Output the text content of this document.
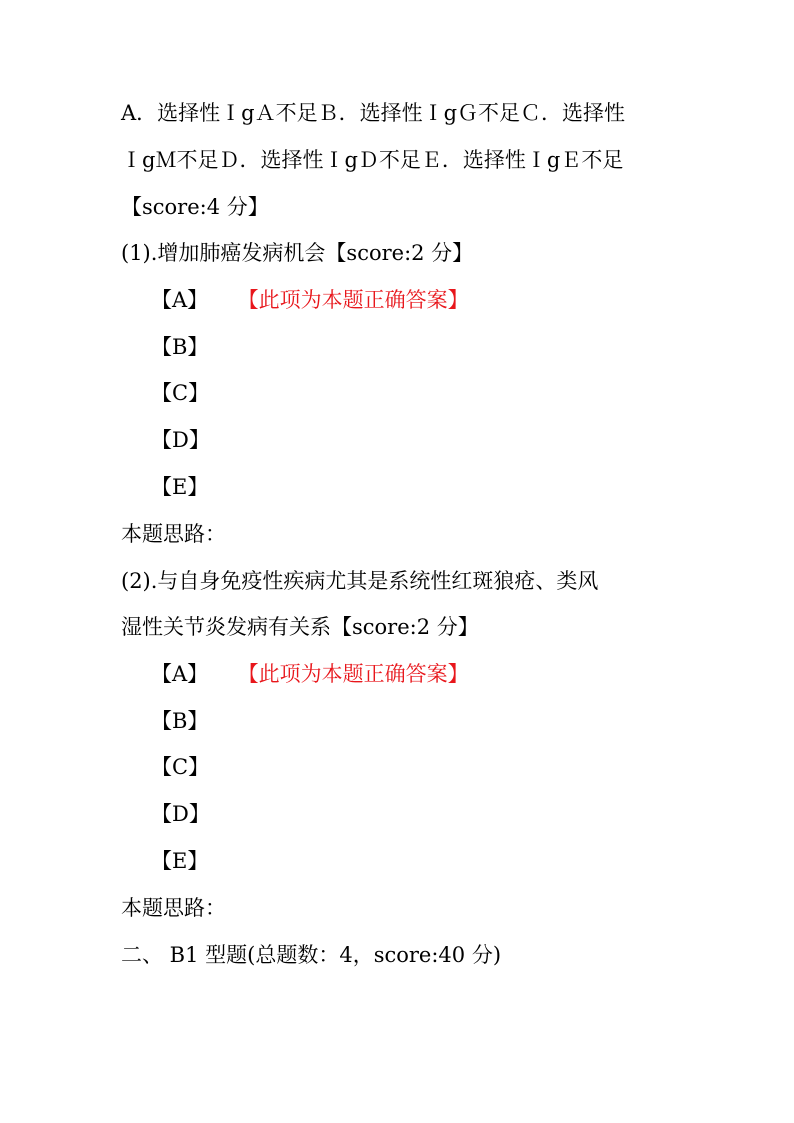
A．选择性ＩgＡ不足Ｂ．选择性ＩgＧ不足Ｃ．选择性
ＩgＭ不足Ｄ．选择性ＩgＤ不足Ｅ．选择性ＩgＥ不足
【score:4 分】
(1).增加肺癌发病机会【score:2 分】
【A】 【此项为本题正确答案】
【B】
【C】
【D】
【E】
本题思路：
(2).与自身免疫性疾病尤其是系统性红斑狼疮、类风
湿性关节炎发病有关系【score:2 分】
【A】 【此项为本题正确答案】
【B】
【C】
【D】
【E】
本题思路：
二、 B1 型题(总题数：4，score:40 分)
